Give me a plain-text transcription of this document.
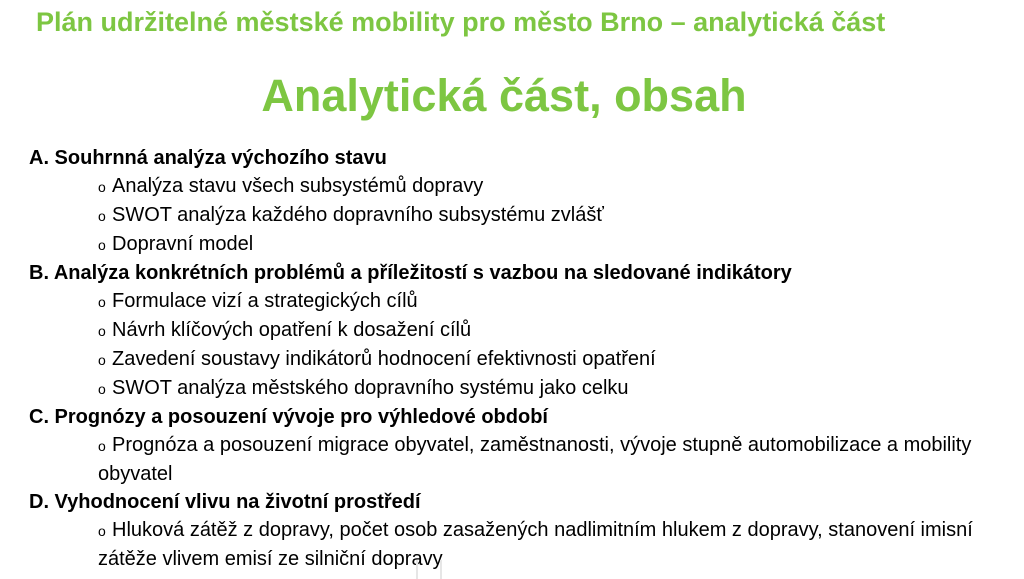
Plán udržitelné městské mobility pro město Brno – analytická část
Analytická část, obsah
A. Souhrnná analýza výchozího stavu
o Analýza stavu všech subsystémů dopravy
o SWOT analýza každého dopravního subsystému zvlášť
o Dopravní model
B. Analýza konkrétních problémů a příležitostí s vazbou na sledované indikátory
o Formulace vizí a strategických cílů
o Návrh klíčových opatření k dosažení cílů
o Zavedení soustavy indikátorů hodnocení efektivnosti opatření
o SWOT analýza městského dopravního systému jako celku
C. Prognózy a posouzení vývoje pro výhledové období
o Prognóza a posouzení migrace obyvatel, zaměstnanosti, vývoje stupně automobilizace a mobility obyvatel
D. Vyhodnocení vlivu na životní prostředí
o Hluková zátěž z dopravy, počet osob zasažených nadlimitním hlukem z dopravy, stanovení imisní zátěže vlivem emisí ze silniční dopravy
